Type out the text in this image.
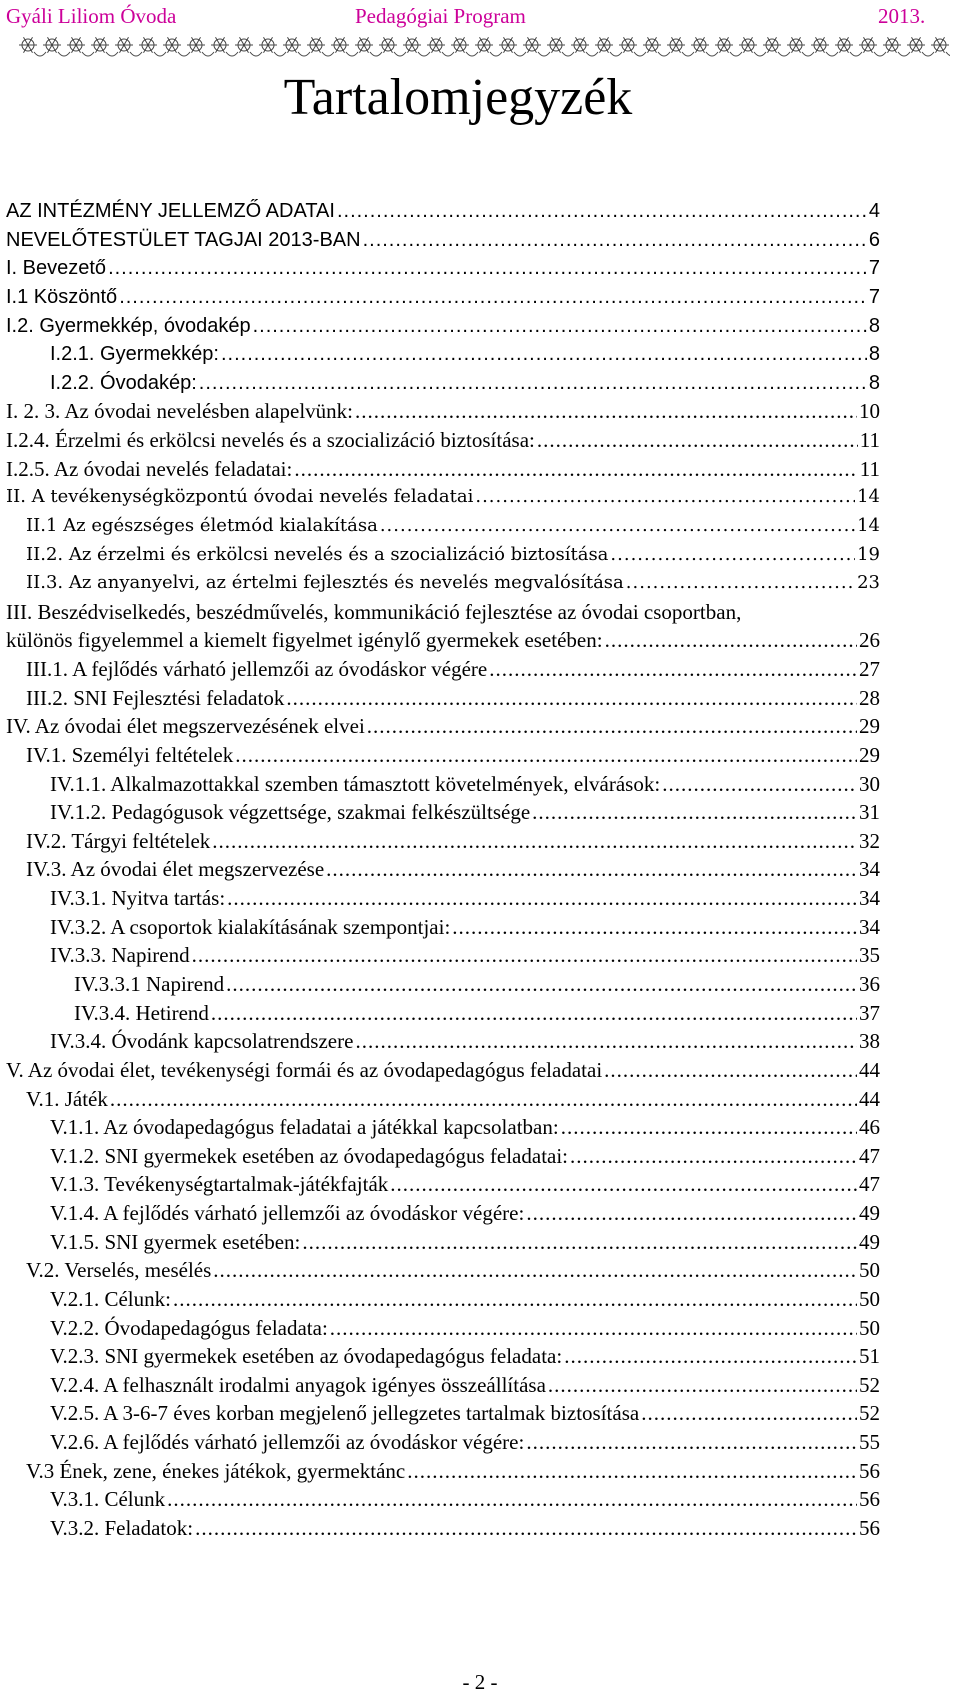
Gyáli Liliom Óvoda	Pedagógiai Program	2013.
Tartalomjegyzék
AZ INTÉZMÉNY JELLEMZŐ ADATAI .....	4
NEVELŐTESTÜLET TAGJAI 2013-BAN .....	6
I. Bevezető .....	7
I.1 Köszöntő .....	7
I.2. Gyermekkép, óvodakép .....	8
I.2.1. Gyermekkép: .....	8
I.2.2. Óvodakép: .....	8
I. 2. 3. Az óvodai nevelésben alapelvünk: .....	10
I.2.4. Érzelmi és erkölcsi nevelés és a szocializáció biztosítása: .....	11
I.2.5. Az óvodai nevelés feladatai: .....	11
II. A tevékenységközpontú óvodai nevelés feladatai .....	14
II.1 Az egészséges életmód kialakítása .....	14
II.2. Az érzelmi és erkölcsi nevelés és a szocializáció biztosítása .....	19
II.3. Az anyanyelvi, az értelmi fejlesztés és nevelés megvalósítása .....	23
III. Beszédviselkedés, beszédművelés, kommunikáció fejlesztése az óvodai csoportban,
különös figyelemmel a kiemelt figyelmet igénylő gyermekek esetében: .....	26
III.1. A fejlődés várható jellemzői az óvodáskor végére .....	27
III.2. SNI Fejlesztési feladatok .....	28
IV. Az óvodai élet megszervezésének elvei .....	29
IV.1. Személyi feltételek .....	29
IV.1.1. Alkalmazottakkal szemben támasztott követelmények, elvárások: .....	30
IV.1.2. Pedagógusok végzettsége, szakmai felkészültsége .....	31
IV.2. Tárgyi feltételek .....	32
IV.3. Az óvodai élet megszervezése .....	34
IV.3.1. Nyitva tartás: .....	34
IV.3.2. A csoportok kialakításának szempontjai: .....	34
IV.3.3. Napirend .....	35
IV.3.3.1 Napirend .....	36
IV.3.4. Hetirend .....	37
IV.3.4. Óvodánk kapcsolatrendszere .....	38
V. Az óvodai élet, tevékenységi formái és az óvodapedagógus feladatai .....	44
V.1. Játék .....	44
V.1.1. Az óvodapedagógus feladatai a játékkal kapcsolatban: .....	46
V.1.2. SNI gyermekek esetében az óvodapedagógus feladatai: .....	47
V.1.3. Tevékenységtartalmak-játékfajták .....	47
V.1.4. A fejlődés várható jellemzői az óvodáskor végére: .....	49
V.1.5. SNI gyermek esetében: .....	49
V.2. Verselés, mesélés .....	50
V.2.1. Célunk: .....	50
V.2.2. Óvodapedagógus feladata: .....	50
V.2.3. SNI gyermekek esetében az óvodapedagógus feladata: .....	51
V.2.4. A felhasznált irodalmi anyagok igényes összeállítása .....	52
V.2.5. A 3-6-7 éves korban megjelenő jellegzetes tartalmak biztosítása .....	52
V.2.6. A fejlődés várható jellemzői az óvodáskor végére: .....	55
V.3 Ének, zene, énekes játékok, gyermektánc .....	56
V.3.1. Célunk .....	56
V.3.2. Feladatok: .....	56
- 2 -
